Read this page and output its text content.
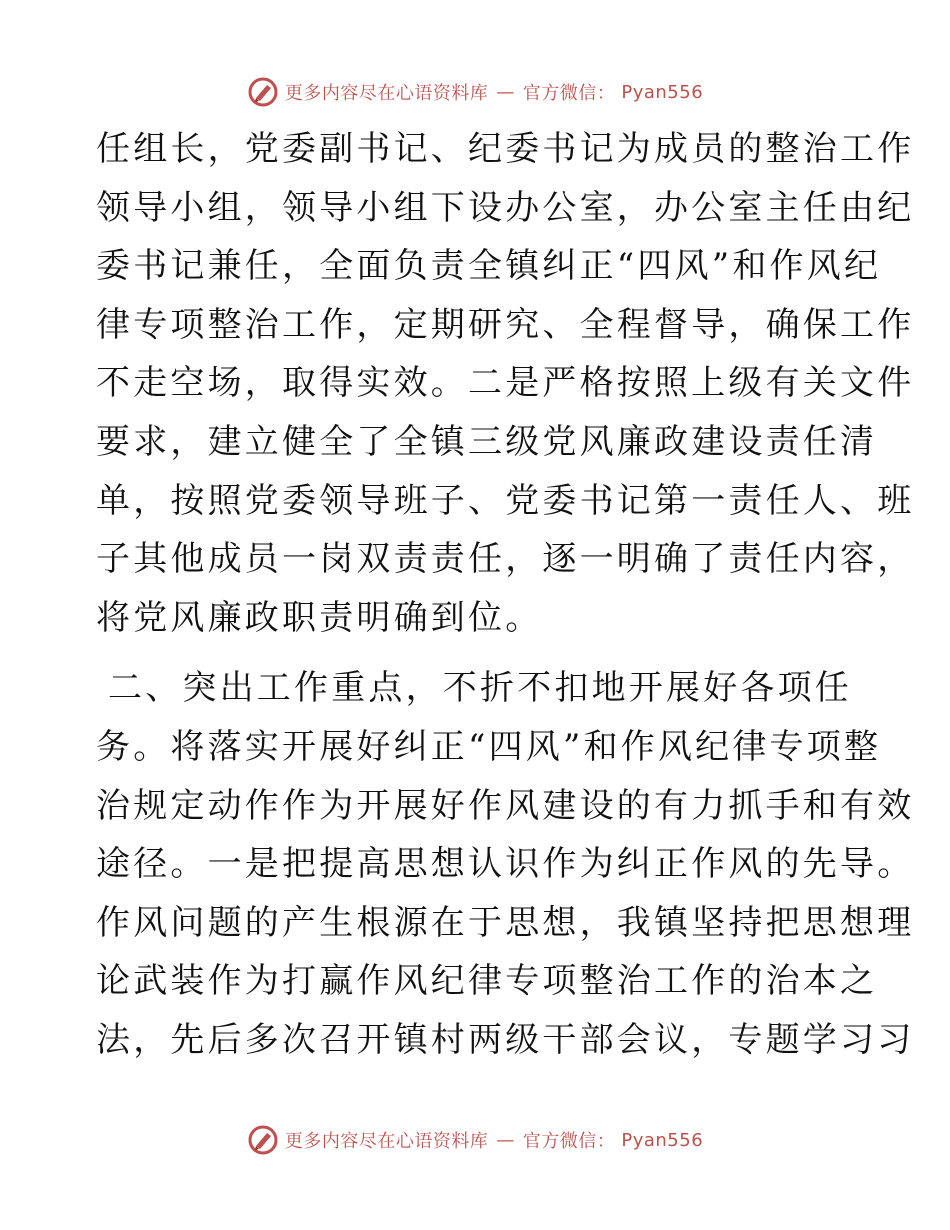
更多内容尽在心语资料库 — 官方微信： Pyan556
任组长，党委副书记、纪委书记为成员的整治工作
领导小组，领导小组下设办公室，办公室主任由纪
委书记兼任，全面负责全镇纠正“四风”和作风纪
律专项整治工作，定期研究、全程督导，确保工作
不走空场，取得实效。二是严格按照上级有关文件
要求，建立健全了全镇三级党风廉政建设责任清
单，按照党委领导班子、党委书记第一责任人、班
子其他成员一岗双责责任，逐一明确了责任内容，
将党风廉政职责明确到位。
二、突出工作重点，不折不扣地开展好各项任
务。将落实开展好纠正“四风”和作风纪律专项整
治规定动作作为开展好作风建设的有力抓手和有效
途径。一是把提高思想认识作为纠正作风的先导。
作风问题的产生根源在于思想，我镇坚持把思想理
论武装作为打赢作风纪律专项整治工作的治本之
法，先后多次召开镇村两级干部会议，专题学习习
更多内容尽在心语资料库 — 官方微信： Pyan556
